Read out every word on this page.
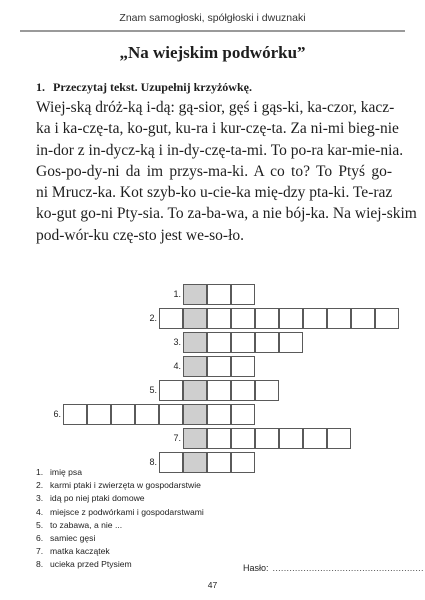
Znam samogłoski, spółgłoski i dwuznaki
„Na wiejskim podwórku”
1. Przeczytaj tekst. Uzupełnij krzyżówkę.
Wiej-ską dróż-ką i-dą: gą-sior, gęś i gąs-ki, ka-czor, kacz-
ka i ka-czę-ta, ko-gut, ku-ra i kur-czę-ta. Za ni-mi bieg-nie
in-dor z in-dycz-ką i in-dy-czę-ta-mi. To po-ra kar-mie-nia.
Gos-po-dy-ni da im przys-ma-ki. A co to? To Ptyś go-
ni Mrucz-ka. Kot szyb-ko u-cie-ka mię-dzy pta-ki. Te-raz
ko-gut go-ni Pty-sia. To za-ba-wa, a nie bój-ka. Na wiej-skim
pod-wór-ku czę-sto jest we-so-ło.
1.
2.
3.
4.
5.
6.
7.
8.
1. imię psa
2. karmi ptaki i zwierzęta w gospodarstwie
3. idą po niej ptaki domowe
4. miejsce z podwórkami i gospodarstwami
5. to zabawa, a nie ...
6. samiec gęsi
7. matka kaczątek
8. ucieka przed Ptysiem	Hasło: ......................................................
47
